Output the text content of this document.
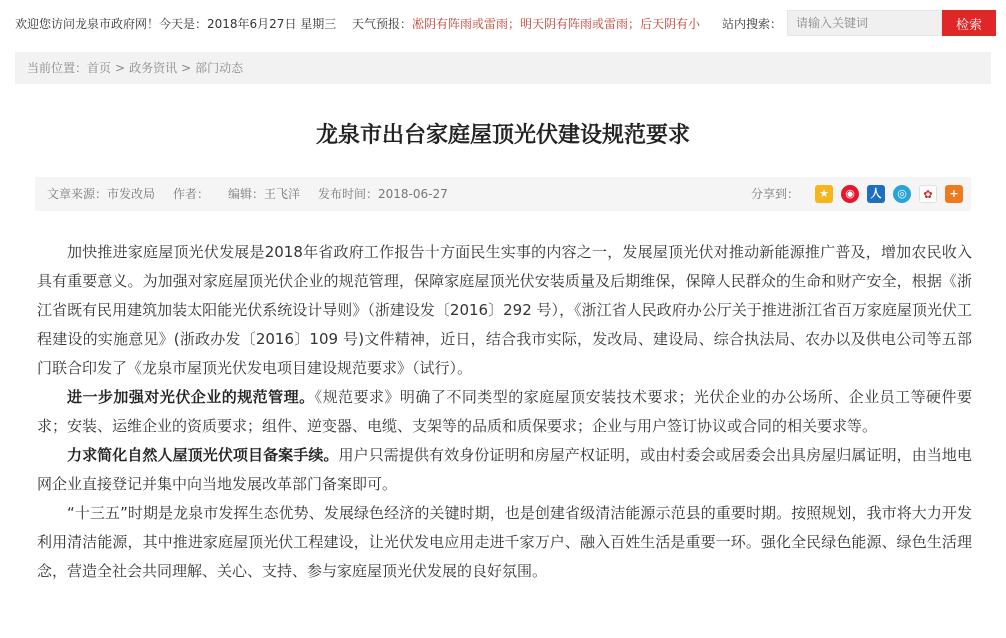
欢迎您访问龙泉市政府网！今天是：2018年6月27日 星期三 天气预报：凇阴有阵雨或雷雨；明天阴有阵雨或雷雨；后天阴有小	站内搜索：
请输入关键词	检索
当前位置：首页 > 政务资讯 > 部门动态
龙泉市出台家庭屋顶光伏建设规范要求
文章来源：市发改局 作者： 编辑：王飞洋 发布时间：2018-06-27	分享到：	★	◉	人	◎	✿	+

加快推进家庭屋顶光伏发展是2018年省政府工作报告十方面民生实事的内容之一，发展屋顶光伏对推动新能源推广普及，增加农民收入具有重要意义。为加强对家庭屋顶光伏企业的规范管理，保障家庭屋顶光伏安装质量及后期维保，保障人民群众的生命和财产安全，根据《浙江省既有民用建筑加装太阳能光伏系统设计导则》（浙建设发〔2016〕292 号），《浙江省人民政府办公厅关于推进浙江省百万家庭屋顶光伏工程建设的实施意见》(浙政办发〔2016〕109 号)文件精神，近日，结合我市实际，发改局、建设局、综合执法局、农办以及供电公司等五部门联合印发了《龙泉市屋顶光伏发电项目建设规范要求》（试行）。

进一步加强对光伏企业的规范管理。《规范要求》明确了不同类型的家庭屋顶安装技术要求；光伏企业的办公场所、企业员工等硬件要求；安装、运维企业的资质要求；组件、逆变器、电缆、支架等的品质和质保要求；企业与用户签订协议或合同的相关要求等。

力求简化自然人屋顶光伏项目备案手续。用户只需提供有效身份证明和房屋产权证明，或由村委会或居委会出具房屋归属证明，由当地电网企业直接登记并集中向当地发展改革部门备案即可。

“十三五”时期是龙泉市发挥生态优势、发展绿色经济的关键时期，也是创建省级清洁能源示范县的重要时期。按照规划，我市将大力开发利用清洁能源，其中推进家庭屋顶光伏工程建设，让光伏发电应用走进千家万户、融入百姓生活是重要一环。强化全民绿色能源、绿色生活理念，营造全社会共同理解、关心、支持、参与家庭屋顶光伏发展的良好氛围。
